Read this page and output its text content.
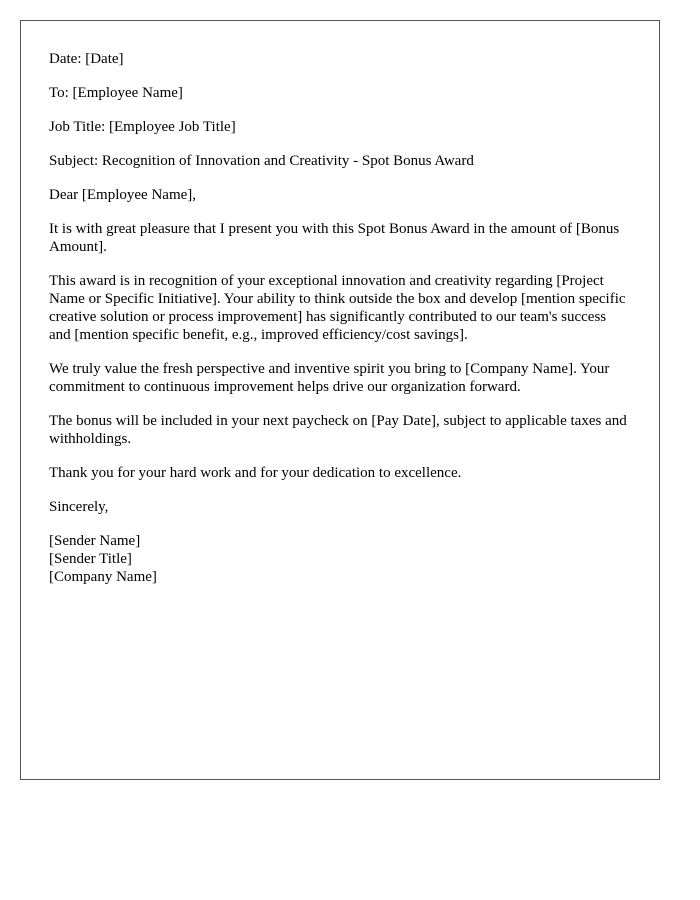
Date: [Date]

To: [Employee Name]

Job Title: [Employee Job Title]

Subject: Recognition of Innovation and Creativity - Spot Bonus Award

Dear [Employee Name],

It is with great pleasure that I present you with this Spot Bonus Award in the amount of [Bonus Amount].

This award is in recognition of your exceptional innovation and creativity regarding [Project Name or Specific Initiative]. Your ability to think outside the box and develop [mention specific creative solution or process improvement] has significantly contributed to our team's success and [mention specific benefit, e.g., improved efficiency/cost savings].

We truly value the fresh perspective and inventive spirit you bring to [Company Name]. Your commitment to continuous improvement helps drive our organization forward.

The bonus will be included in your next paycheck on [Pay Date], subject to applicable taxes and withholdings.

Thank you for your hard work and for your dedication to excellence.

Sincerely,

[Sender Name]

[Sender Title]

[Company Name]
